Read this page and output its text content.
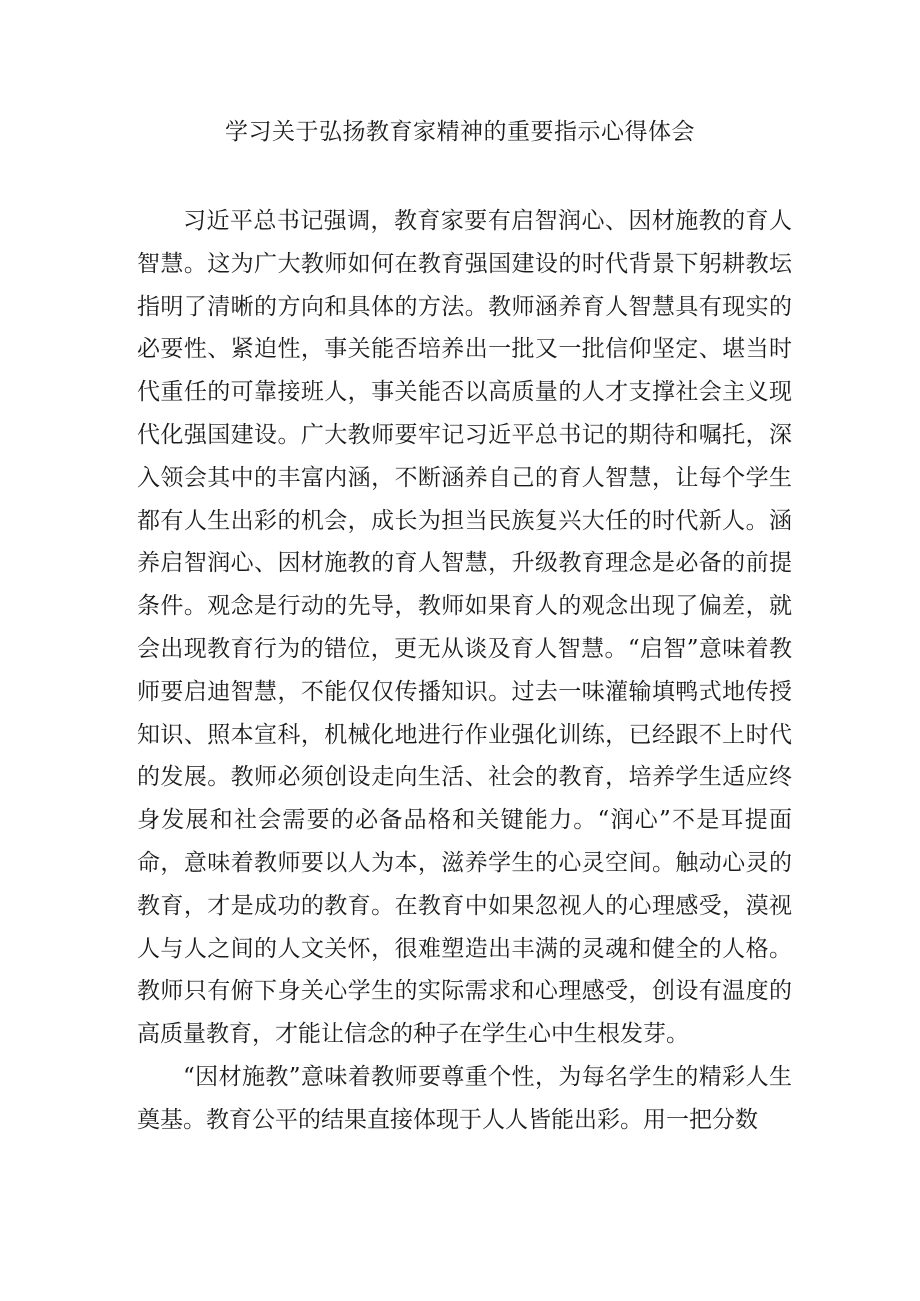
学习关于弘扬教育家精神的重要指示心得体会

习近平总书记强调，教育家要有启智润心、因材施教的育人智慧。这为广大教师如何在教育强国建设的时代背景下躬耕教坛指明了清晰的方向和具体的方法。教师涵养育人智慧具有现实的必要性、紧迫性，事关能否培养出一批又一批信仰坚定、堪当时代重任的可靠接班人，事关能否以高质量的人才支撑社会主义现代化强国建设。广大教师要牢记习近平总书记的期待和嘱托，深入领会其中的丰富内涵，不断涵养自己的育人智慧，让每个学生都有人生出彩的机会，成长为担当民族复兴大任的时代新人。涵养启智润心、因材施教的育人智慧，升级教育理念是必备的前提条件。观念是行动的先导，教师如果育人的观念出现了偏差，就会出现教育行为的错位，更无从谈及育人智慧。“启智”意味着教师要启迪智慧，不能仅仅传播知识。过去一味灌输填鸭式地传授知识、照本宣科，机械化地进行作业强化训练，已经跟不上时代的发展。教师必须创设走向生活、社会的教育，培养学生适应终身发展和社会需要的必备品格和关键能力。“润心”不是耳提面命，意味着教师要以人为本，滋养学生的心灵空间。触动心灵的教育，才是成功的教育。在教育中如果忽视人的心理感受，漠视人与人之间的人文关怀，很难塑造出丰满的灵魂和健全的人格。教师只有俯下身关心学生的实际需求和心理感受，创设有温度的高质量教育，才能让信念的种子在学生心中生根发芽。

“因材施教”意味着教师要尊重个性，为每名学生的精彩人生奠基。教育公平的结果直接体现于人人皆能出彩。用一把分数
